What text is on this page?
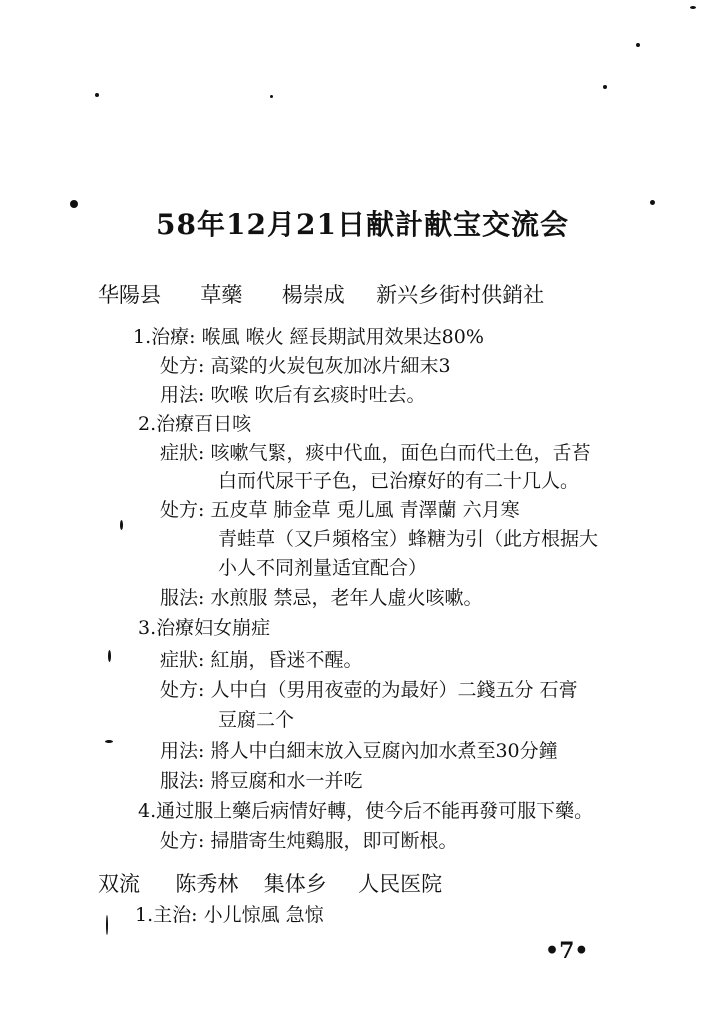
58年12月21日献計献宝交流会
华陽县 草藥 楊崇成 新兴乡街村供銷社
1.治療: 喉風 喉火 經長期試用效果达80%
处方: 高粱的火炭包灰加冰片細末3
用法: 吹喉 吹后有玄痰时吐去。
2.治療百日咳
症狀: 咳嗽气緊，痰中代血，面色白而代土色，舌苔
白而代尿干子色，已治療好的有二十几人。
处方: 五皮草 肺金草 兎儿風 青澤蘭 六月寒
青蛙草（又戶頻格宝）蜂糖为引（此方根据大
小人不同剂量适宜配合）
服法: 水煎服 禁忌，老年人虛火咳嗽。
3.治療妇女崩症
症狀: 紅崩，昏迷不醒。
处方: 人中白（男用夜壺的为最好）二錢五分 石膏
豆腐二个
用法: 將人中白細末放入豆腐內加水煮至30分鐘
服法: 將豆腐和水一并吃
4.通过服上藥后病情好轉，使今后不能再發可服下藥。
处方: 掃腊寄生炖鷄服，即可断根。
双流 陈秀林 集体乡 人民医院
1.主治: 小儿惊風 急惊
•7•
